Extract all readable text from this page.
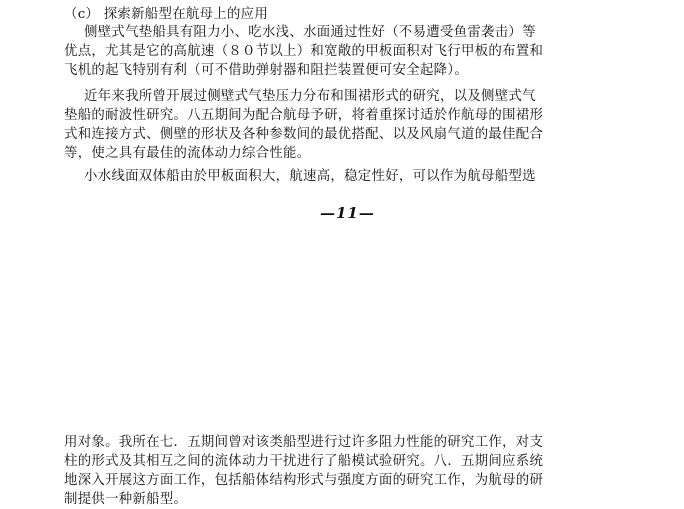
（c） 探索新船型在航母上的应用
侧壁式气垫船具有阻力小、吃水浅、水面通过性好（不易遭受鱼雷袭击）等
优点，尤其是它的高航速（８０节以上）和宽敞的甲板面积对飞行甲板的布置和
飞机的起飞特别有利（可不借助弹射器和阻拦装置便可安全起降）。
近年来我所曾开展过侧壁式气垫压力分布和围裙形式的研究，以及侧壁式气
垫船的耐波性研究。八五期间为配合航母予研，将着重探讨适於作航母的围裙形
式和连接方式、侧壁的形状及各种参数间的最优搭配、以及风扇气道的最佳配合
等，使之具有最佳的流体动力综合性能。
小水线面双体船由於甲板面积大，航速高，稳定性好，可以作为航母船型选
—11—
用对象。我所在七．五期间曾对该类船型进行过许多阻力性能的研究工作，对支
柱的形式及其相互之间的流体动力干扰进行了船模试验研究。八．五期间应系统
地深入开展这方面工作，包括船体结构形式与强度方面的研究工作，为航母的研
制提供一种新船型。
